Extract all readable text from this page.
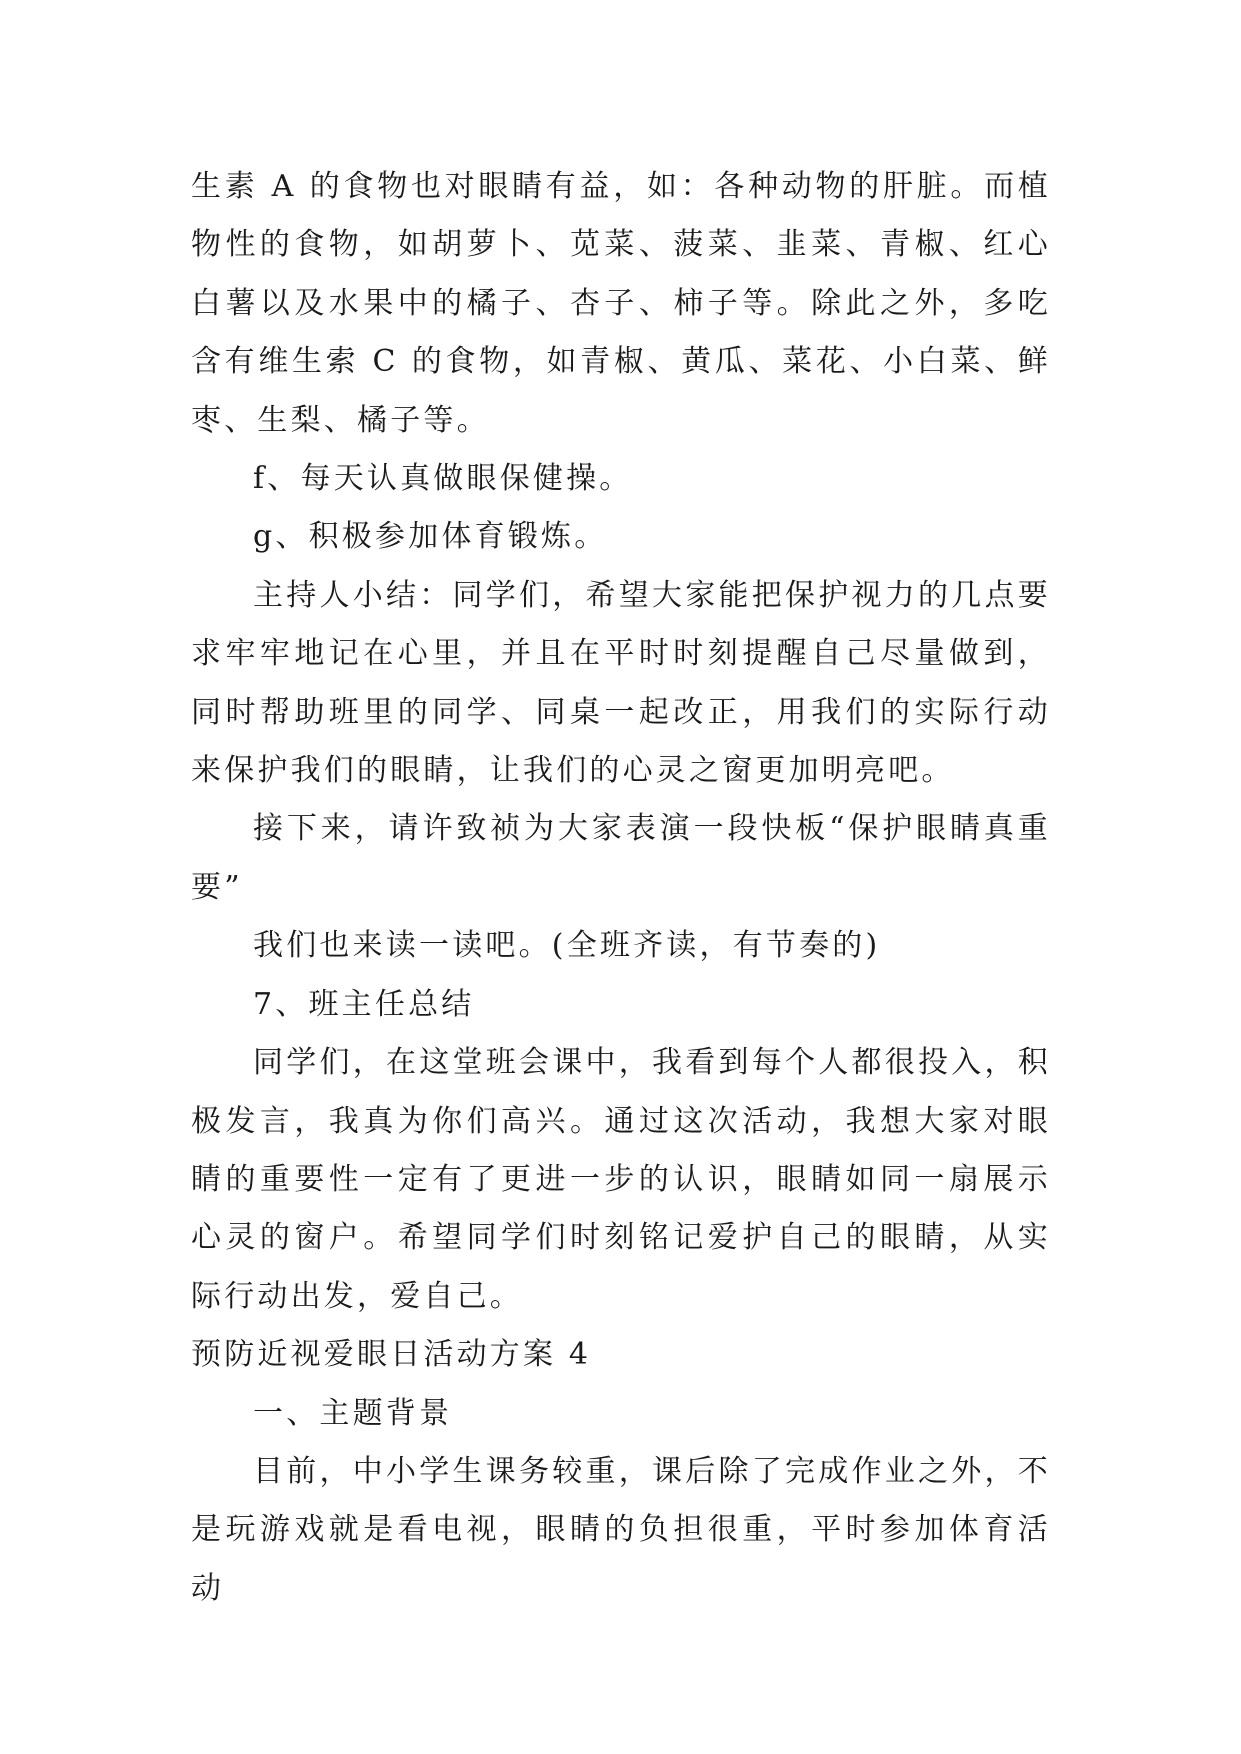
生素 A 的食物也对眼睛有益，如：各种动物的肝脏。而植物性的食物，如胡萝卜、苋菜、菠菜、韭菜、青椒、红心白薯以及水果中的橘子、杏子、柿子等。除此之外，多吃含有维生索 C 的食物，如青椒、黄瓜、菜花、小白菜、鲜枣、生梨、橘子等。

f、每天认真做眼保健操。

g、积极参加体育锻炼。

主持人小结：同学们，希望大家能把保护视力的几点要求牢牢地记在心里，并且在平时时刻提醒自己尽量做到，同时帮助班里的同学、同桌一起改正，用我们的实际行动来保护我们的眼睛，让我们的心灵之窗更加明亮吧。

接下来，请许致祯为大家表演一段快板“保护眼睛真重要”

我们也来读一读吧。(全班齐读，有节奏的)

7、班主任总结

同学们，在这堂班会课中，我看到每个人都很投入，积极发言，我真为你们高兴。通过这次活动，我想大家对眼睛的重要性一定有了更进一步的认识，眼睛如同一扇展示心灵的窗户。希望同学们时刻铭记爱护自己的眼睛，从实际行动出发，爱自己。

预防近视爱眼日活动方案 4

一、主题背景

目前，中小学生课务较重，课后除了完成作业之外，不是玩游戏就是看电视，眼睛的负担很重，平时参加体育活动
